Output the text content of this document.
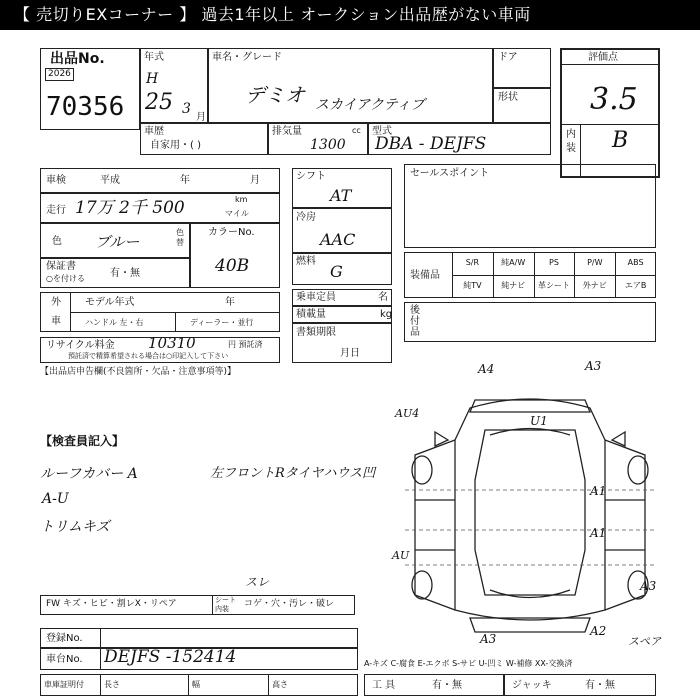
【 売切りEXコーナー 】 過去1年以上 オークション出品歴がない車両
出品No.
2026
70356
年式
H
25 3
月
車名・グレード
デミオ スカイアクティブ
ドア
形状
評価点
3.5
内
装 B
車歴
自家用・( )
排気量	cc
1300
型式
DBA - DEJFS
車検	平成	年	月
走行 17万 2千 500	km
マイル
色 ブルー
色替
カラーNo.
40B
保証書
○を付ける	有・無
外
車
モデル年式	年
ハンドル 左・右	ディーラー・並行
リサイクル料金 10310	円 預託済
預託済で精算希望される場合は○印記入して下さい
【出品店申告欄(不良箇所・欠品・注意事項等)】
シフト
AT
冷房
AAC
燃料
G
乗車定員	名
積載量	kg
書類期限
月日
セールスポイント
装備品
後
付
品
【検査員記入】
ルーフカバー A
A-U
トリムキズ
左フロントRタイヤハウス凹
スレ
FW キズ・ヒビ・割レX・リペア	シート
内装	コゲ・穴・汚レ・破レ
登録No.
車台No. DEJFS -152414
車庫証明付	長さ	幅	高さ
A-キズ C-腐食 E-エクボ S-サビ U-凹ミ W-補修 XX-交換済
工 具	有・無	ジャッキ	有・無
スペア
A4	A3
AU4
U1
A1
A1
AU
A3
A3
A2
S/R	純A/W	PS	P/W	ABS
純TV	純ナビ	革シート	外ナビ	エアB
